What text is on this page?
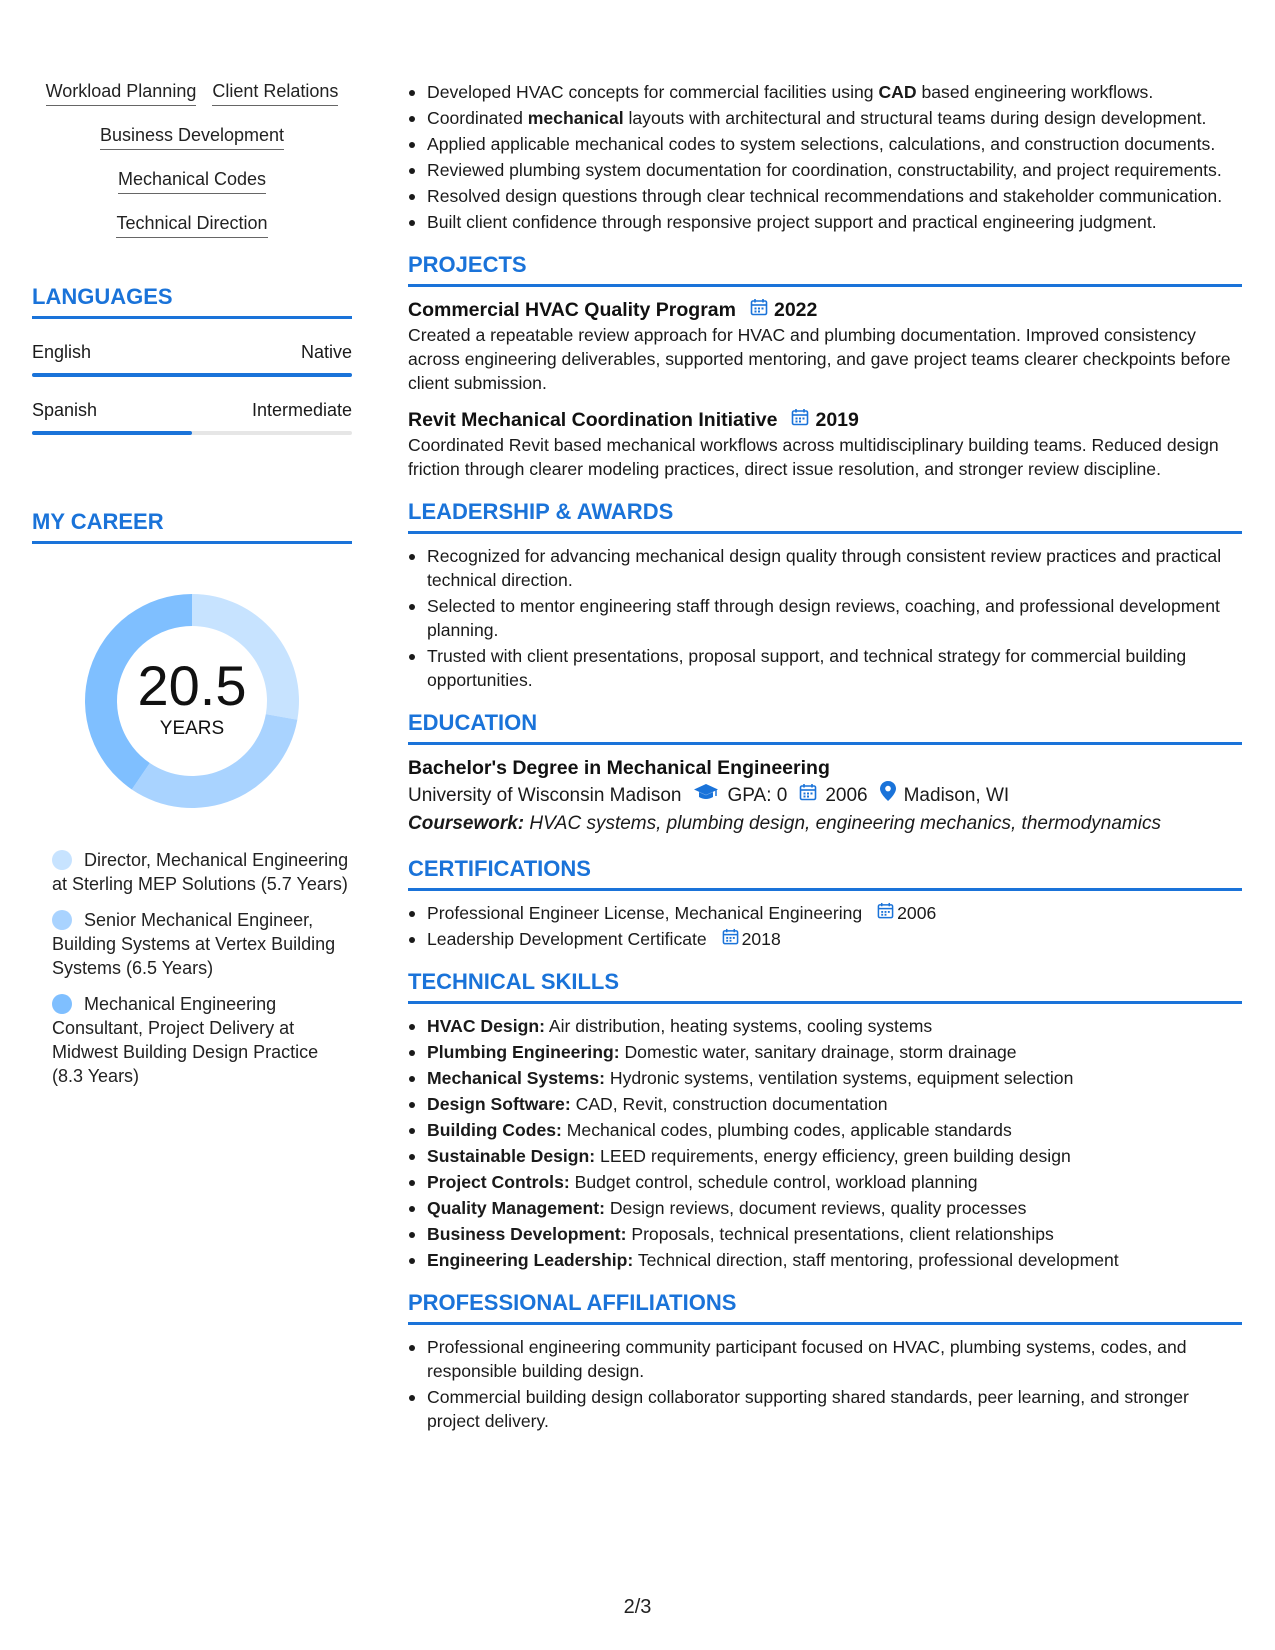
Workload Planning Client Relations
Business Development
Mechanical Codes
Technical Direction
LANGUAGES
English	Native
Spanish	Intermediate
MY CAREER
20.5
YEARS
Director, Mechanical Engineering at Sterling MEP Solutions (5.7 Years)
Senior Mechanical Engineer, Building Systems at Vertex Building Systems (6.5 Years)
Mechanical Engineering Consultant, Project Delivery at Midwest Building Design Practice (8.3 Years)
Developed HVAC concepts for commercial facilities using CAD based engineering workflows.
Coordinated mechanical layouts with architectural and structural teams during design development.
Applied applicable mechanical codes to system selections, calculations, and construction documents.
Reviewed plumbing system documentation for coordination, constructability, and project requirements.
Resolved design questions through clear technical recommendations and stakeholder communication.
Built client confidence through responsive project support and practical engineering judgment.
PROJECTS
Commercial HVAC Quality Program 2022
Created a repeatable review approach for HVAC and plumbing documentation. Improved consistency across engineering deliverables, supported mentoring, and gave project teams clearer checkpoints before client submission.
Revit Mechanical Coordination Initiative 2019
Coordinated Revit based mechanical workflows across multidisciplinary building teams. Reduced design friction through clearer modeling practices, direct issue resolution, and stronger review discipline.
LEADERSHIP & AWARDS
Recognized for advancing mechanical design quality through consistent review practices and practical technical direction.
Selected to mentor engineering staff through design reviews, coaching, and professional development planning.
Trusted with client presentations, proposal support, and technical strategy for commercial building opportunities.
EDUCATION
Bachelor's Degree in Mechanical Engineering
University of Wisconsin Madison GPA: 0 2006 Madison, WI
Coursework: HVAC systems, plumbing design, engineering mechanics, thermodynamics
CERTIFICATIONS
Professional Engineer License, Mechanical Engineering 2006
Leadership Development Certificate 2018
TECHNICAL SKILLS
HVAC Design: Air distribution, heating systems, cooling systems
Plumbing Engineering: Domestic water, sanitary drainage, storm drainage
Mechanical Systems: Hydronic systems, ventilation systems, equipment selection
Design Software: CAD, Revit, construction documentation
Building Codes: Mechanical codes, plumbing codes, applicable standards
Sustainable Design: LEED requirements, energy efficiency, green building design
Project Controls: Budget control, schedule control, workload planning
Quality Management: Design reviews, document reviews, quality processes
Business Development: Proposals, technical presentations, client relationships
Engineering Leadership: Technical direction, staff mentoring, professional development
PROFESSIONAL AFFILIATIONS
Professional engineering community participant focused on HVAC, plumbing systems, codes, and responsible building design.
Commercial building design collaborator supporting shared standards, peer learning, and stronger project delivery.
2/3
